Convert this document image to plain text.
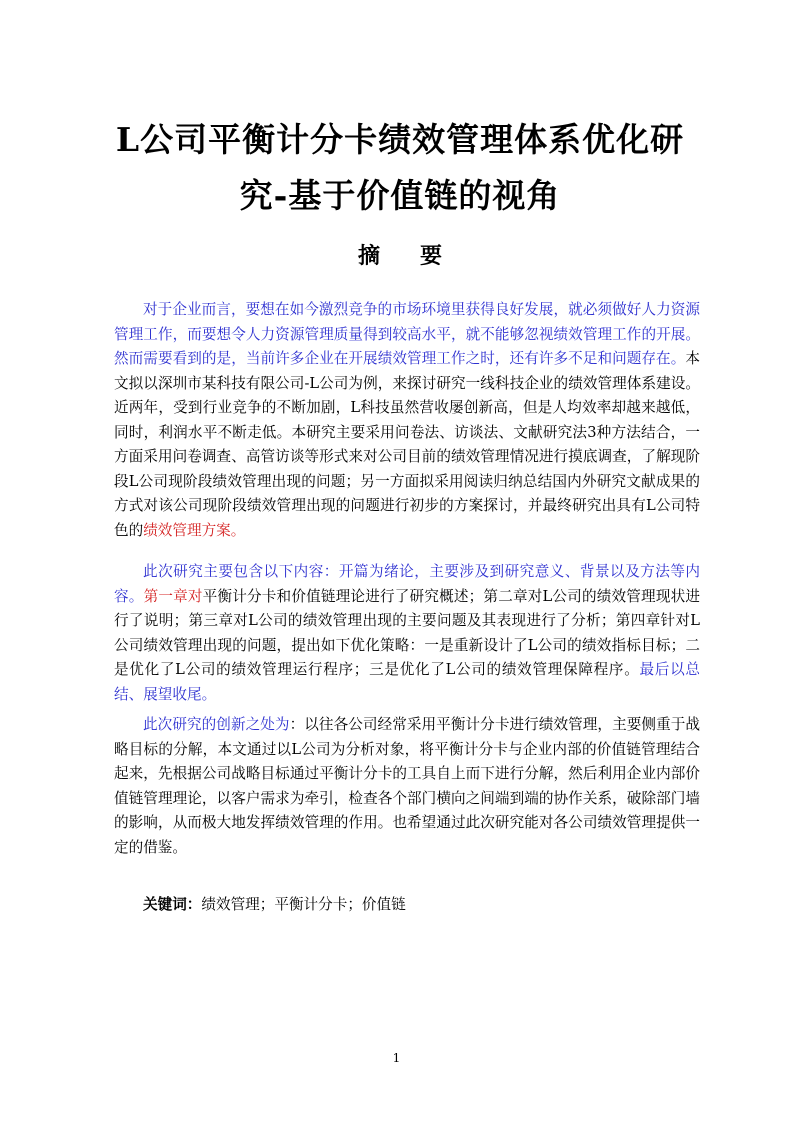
L公司平衡计分卡绩效管理体系优化研
究-基于价值链的视角
摘 要

对于企业而言，要想在如今激烈竞争的市场环境里获得良好发展，就必须做好人力资源管理工作，而要想令人力资源管理质量得到较高水平，就不能够忽视绩效管理工作的开展。然而需要看到的是，当前许多企业在开展绩效管理工作之时，还有许多不足和问题存在。本文拟以深圳市某科技有限公司-L公司为例，来探讨研究一线科技企业的绩效管理体系建设。近两年，受到行业竞争的不断加剧，L科技虽然营收屡创新高，但是人均效率却越来越低，同时，利润水平不断走低。本研究主要采用问卷法、访谈法、文献研究法3种方法结合，一方面采用问卷调查、高管访谈等形式来对公司目前的绩效管理情况进行摸底调查，了解现阶段L公司现阶段绩效管理出现的问题；另一方面拟采用阅读归纳总结国内外研究文献成果的方式对该公司现阶段绩效管理出现的问题进行初步的方案探讨，并最终研究出具有L公司特色的绩效管理方案。

此次研究主要包含以下内容：开篇为绪论，主要涉及到研究意义、背景以及方法等内容。第一章对平衡计分卡和价值链理论进行了研究概述；第二章对L公司的绩效管理现状进行了说明；第三章对L公司的绩效管理出现的主要问题及其表现进行了分析；第四章针对L公司绩效管理出现的问题，提出如下优化策略：一是重新设计了L公司的绩效指标目标；二是优化了L公司的绩效管理运行程序；三是优化了L公司的绩效管理保障程序。最后以总结、展望收尾。

此次研究的创新之处为：以往各公司经常采用平衡计分卡进行绩效管理，主要侧重于战略目标的分解，本文通过以L公司为分析对象，将平衡计分卡与企业内部的价值链管理结合起来，先根据公司战略目标通过平衡计分卡的工具自上而下进行分解，然后利用企业内部价值链管理理论，以客户需求为牵引，检查各个部门横向之间端到端的协作关系，破除部门墙的影响，从而极大地发挥绩效管理的作用。也希望通过此次研究能对各公司绩效管理提供一定的借鉴。

关键词：绩效管理；平衡计分卡；价值链
1
